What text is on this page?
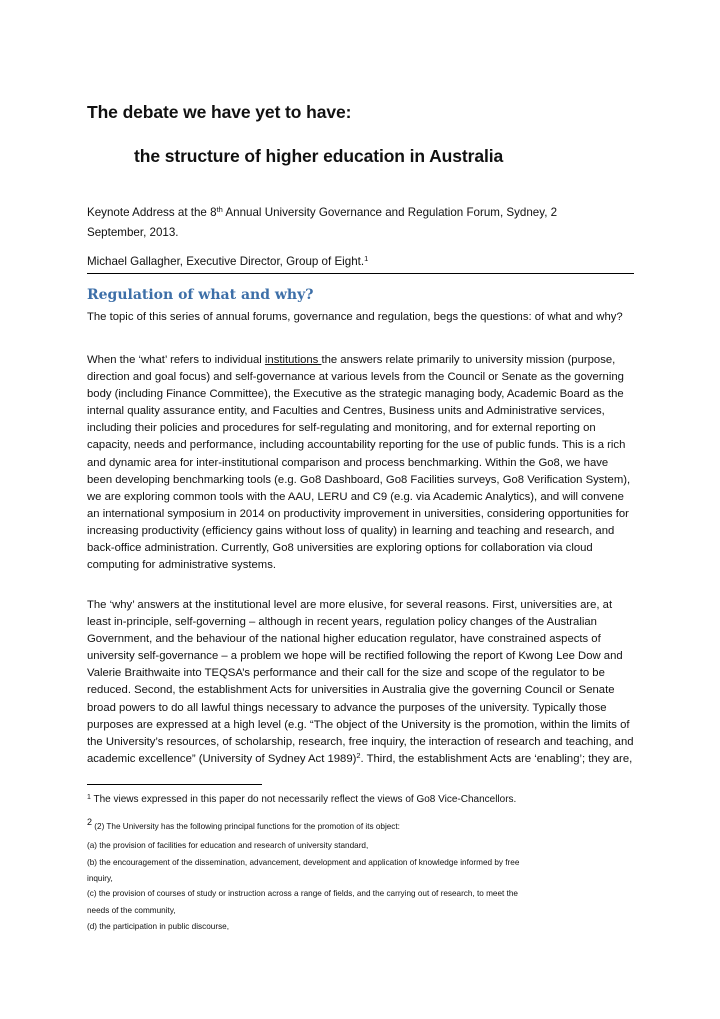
The debate we have yet to have:
the structure of higher education in Australia
Keynote Address at the 8th Annual University Governance and Regulation Forum, Sydney, 2
September, 2013.
Michael Gallagher, Executive Director, Group of Eight.$^1$
Regulation of what and why?

The topic of this series of annual forums, governance and regulation, begs the questions: of what and why?

When the ‘what’ refers to individual institutions the answers relate primarily to university mission (purpose, direction and goal focus) and self-governance at various levels from the Council or Senate as the governing body (including Finance Committee), the Executive as the strategic managing body, Academic Board as the internal quality assurance entity, and Faculties and Centres, Business units and Administrative services, including their policies and procedures for self-regulating and monitoring, and for external reporting on capacity, needs and performance, including accountability reporting for the use of public funds. This is a rich and dynamic area for inter-institutional comparison and process benchmarking. Within the Go8, we have been developing benchmarking tools (e.g. Go8 Dashboard, Go8 Facilities surveys, Go8 Verification System), we are exploring common tools with the AAU, LERU and C9 (e.g. via Academic Analytics), and will convene an international symposium in 2014 on productivity improvement in universities, considering opportunities for increasing productivity (efficiency gains without loss of quality) in learning and teaching and research, and back-office administration. Currently, Go8 universities are exploring options for collaboration via cloud computing for administrative systems.

The ‘why’ answers at the institutional level are more elusive, for several reasons. First, universities are, at least in-principle, self-governing – although in recent years, regulation policy changes of the Australian Government, and the behaviour of the national higher education regulator, have constrained aspects of university self-governance – a problem we hope will be rectified following the report of Kwong Lee Dow and Valerie Braithwaite into TEQSA’s performance and their call for the size and scope of the regulator to be reduced. Second, the establishment Acts for universities in Australia give the governing Council or Senate broad powers to do all lawful things necessary to advance the purposes of the university. Typically those purposes are expressed at a high level (e.g. “The object of the University is the promotion, within the limits of the University’s resources, of scholarship, research, free inquiry, the interaction of research and teaching, and academic excellence” (University of Sydney Act 1989)$^2$. Third, the establishment Acts are ‘enabling’; they are,

$^1$ The views expressed in this paper do not necessarily reflect the views of Go8 Vice-Chancellors.
$^2$ (2) The University has the following principal functions for the promotion of its object:
(a) the provision of facilities for education and research of university standard,
(b) the encouragement of the dissemination, advancement, development and application of knowledge informed by free
inquiry,
(c) the provision of courses of study or instruction across a range of fields, and the carrying out of research, to meet the
needs of the community,
(d) the participation in public discourse,
